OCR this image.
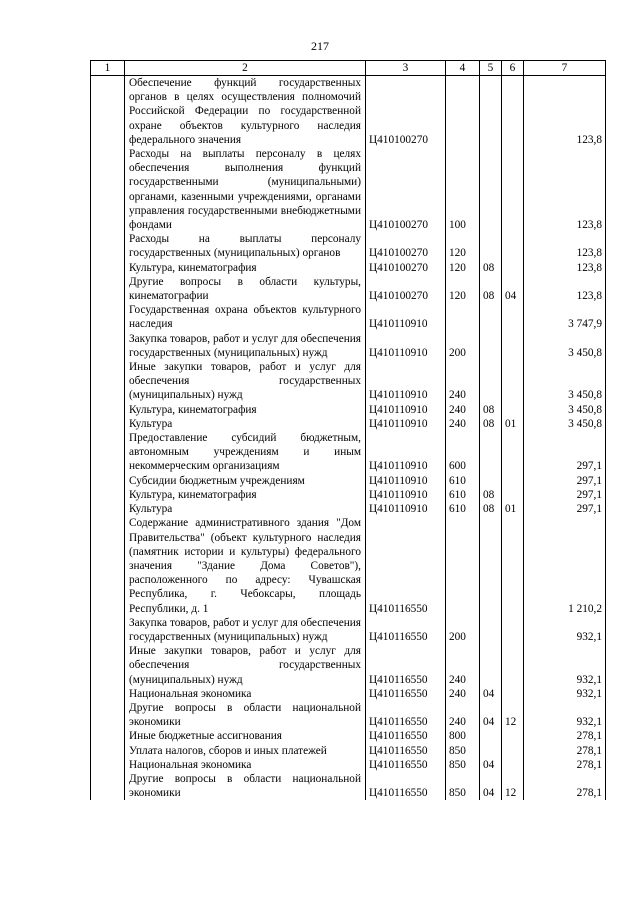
217
1	2	3	4	5	6	7
	Обеспечение функций государственных органов в целях осуществления полномочий Российской Федерации по государственной охране объектов культурного наследия федерального значения	Ц410100270				123,8
	Расходы на выплаты персоналу в целях обеспечения выполнения функций государственными (муниципальными) органами, казенными учреждениями, органами управления государственными внебюджетными фондами	Ц410100270	100			123,8
	Расходы на выплаты персоналу государственных (муниципальных) органов	Ц410100270	120			123,8
	Культура, кинематография	Ц410100270	120	08		123,8
	Другие вопросы в области культуры, кинематографии	Ц410100270	120	08	04	123,8
	Государственная охрана объектов культурного наследия	Ц410110910				3 747,9
	Закупка товаров, работ и услуг для обеспечения государственных (муниципальных) нужд	Ц410110910	200			3 450,8
	Иные закупки товаров, работ и услуг для обеспечения государственных (муниципальных) нужд	Ц410110910	240			3 450,8
	Культура, кинематография	Ц410110910	240	08		3 450,8
	Культура	Ц410110910	240	08	01	3 450,8
	Предоставление субсидий бюджетным, автономным учреждениям и иным некоммерческим организациям	Ц410110910	600			297,1
	Субсидии бюджетным учреждениям	Ц410110910	610			297,1
	Культура, кинематография	Ц410110910	610	08		297,1
	Культура	Ц410110910	610	08	01	297,1
	Содержание административного здания "Дом Правительства" (объект культурного наследия (памятник истории и культуры) федерального значения "Здание Дома Советов"), расположенного по адресу: Чувашская Республика, г. Чебоксары, площадь Республики, д. 1	Ц410116550				1 210,2
	Закупка товаров, работ и услуг для обеспечения государственных (муниципальных) нужд	Ц410116550	200			932,1
	Иные закупки товаров, работ и услуг для обеспечения государственных (муниципальных) нужд	Ц410116550	240			932,1
	Национальная экономика	Ц410116550	240	04		932,1
	Другие вопросы в области национальной экономики	Ц410116550	240	04	12	932,1
	Иные бюджетные ассигнования	Ц410116550	800			278,1
	Уплата налогов, сборов и иных платежей	Ц410116550	850			278,1
	Национальная экономика	Ц410116550	850	04		278,1
	Другие вопросы в области национальной экономики	Ц410116550	850	04	12	278,1
